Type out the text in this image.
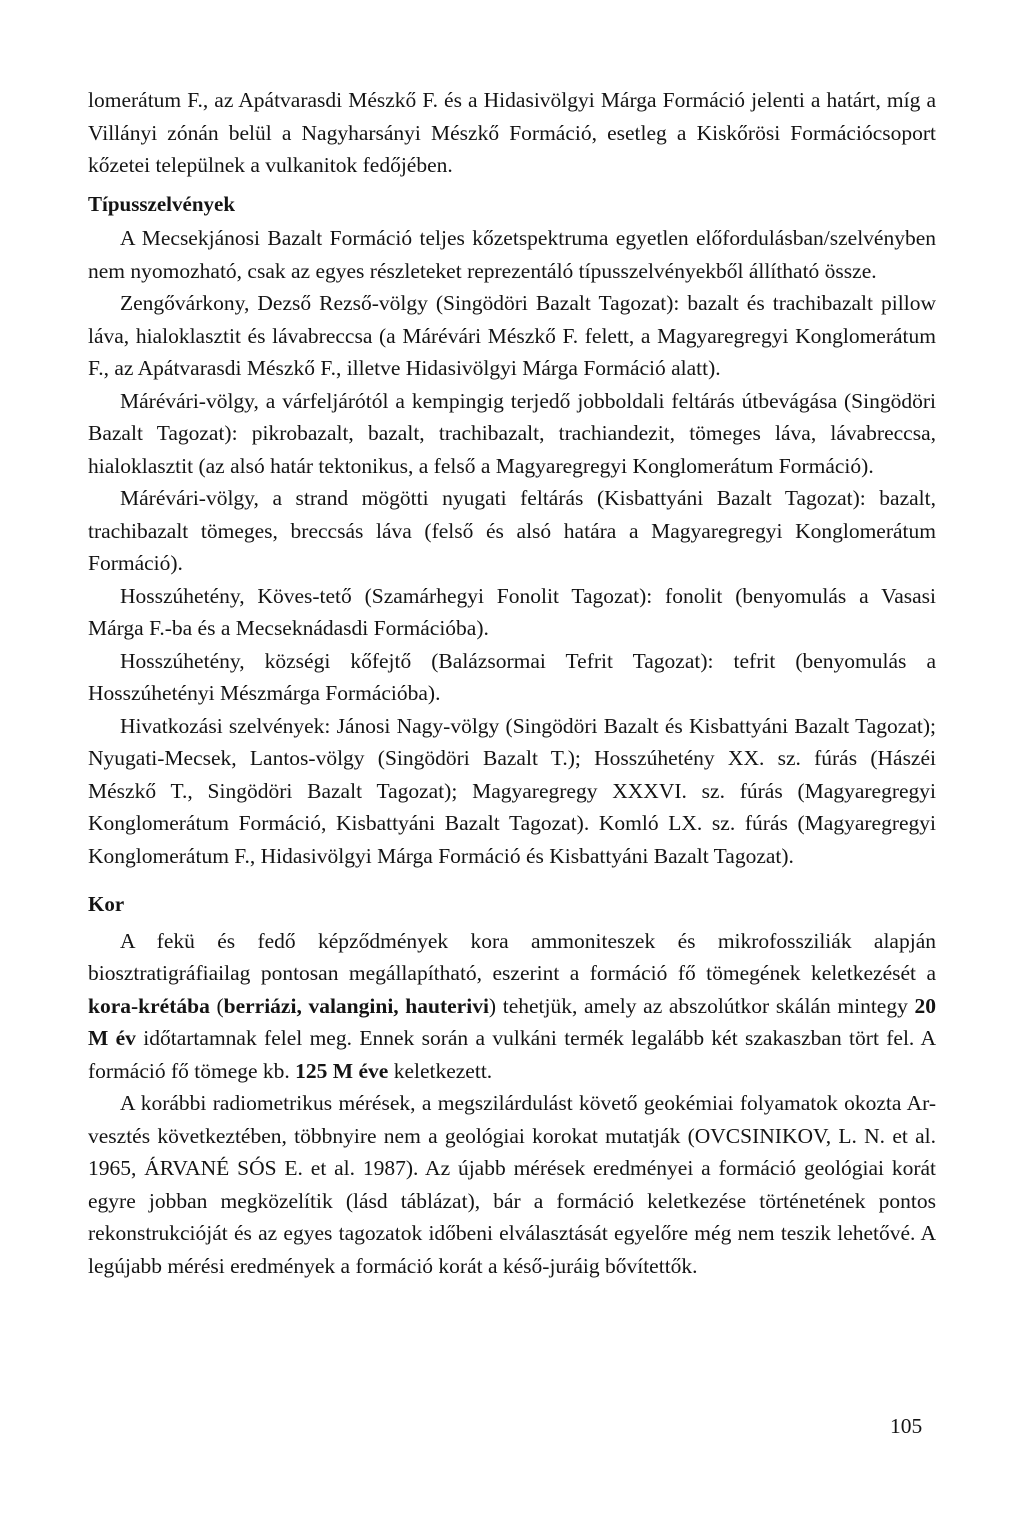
lomerátum F., az Apátvarasdi Mészkő F. és a Hidasivölgyi Márga Formáció jelenti a határt, míg a Villányi zónán belül a Nagyharsányi Mészkő Formáció, esetleg a Kiskőrösi Formációcsoport kőzetei települnek a vulkanitok fedőjében.

Típusszelvények

A Mecsekjánosi Bazalt Formáció teljes kőzetspektruma egyetlen előfordulásban/szelvényben nem nyomozható, csak az egyes részleteket reprezentáló típusszelvényekből állítható össze.

Zengővárkony, Dezső Rezső-völgy (Singödöri Bazalt Tagozat): bazalt és trachibazalt pillow láva, hialoklasztit és lávabreccsa (a Márévári Mészkő F. felett, a Magyaregregyi Konglomerátum F., az Apátvarasdi Mészkő F., illetve Hidasivölgyi Márga Formáció alatt).

Márévári-völgy, a várfeljárótól a kempingig terjedő jobboldali feltárás útbevágása (Singödöri Bazalt Tagozat): pikrobazalt, bazalt, trachibazalt, trachiandezit, tömeges láva, lávabreccsa, hialoklasztit (az alsó határ tektonikus, a felső a Magyaregregyi Konglomerátum Formáció).

Márévári-völgy, a strand mögötti nyugati feltárás (Kisbattyáni Bazalt Tagozat): bazalt, trachibazalt tömeges, breccsás láva (felső és alsó határa a Magyaregregyi Konglomerátum Formáció).

Hosszúhetény, Köves-tető (Szamárhegyi Fonolit Tagozat): fonolit (benyomulás a Vasasi Márga F.-ba és a Mecseknádasdi Formációba).

Hosszúhetény, községi kőfejtő (Balázsormai Tefrit Tagozat): tefrit (benyomulás a Hosszúhetényi Mészmárga Formációba).

Hivatkozási szelvények: Jánosi Nagy-völgy (Singödöri Bazalt és Kisbattyáni Bazalt Tagozat); Nyugati-Mecsek, Lantos-völgy (Singödöri Bazalt T.); Hosszúhetény XX. sz. fúrás (Hászéi Mészkő T., Singödöri Bazalt Tagozat); Magyaregregy XXXVI. sz. fúrás (Magyaregregyi Konglomerátum Formáció, Kisbattyáni Bazalt Tagozat). Komló LX. sz. fúrás (Magyaregregyi Konglomerátum F., Hidasivölgyi Márga Formáció és Kisbattyáni Bazalt Tagozat).

Kor

A fekü és fedő képződmények kora ammoniteszek és mikrofossziliák alapján biosztratigráfiailag pontosan megállapítható, eszerint a formáció fő tömegének keletkezését a kora-krétába (berriázi, valangini, hauterivi) tehetjük, amely az abszolútkor skálán mintegy 20 M év időtartamnak felel meg. Ennek során a vulkáni termék legalább két szakaszban tört fel. A formáció fő tömege kb. 125 M éve keletkezett.

A korábbi radiometrikus mérések, a megszilárdulást követő geokémiai folyamatok okozta Ar-vesztés következtében, többnyire nem a geológiai korokat mutatják (OVCSINIKOV, L. N. et al. 1965, ÁRVANÉ SÓS E. et al. 1987). Az újabb mérések eredményei a formáció geológiai korát egyre jobban megközelítik (lásd táblázat), bár a formáció keletkezése történetének pontos rekonstrukcióját és az egyes tagozatok időbeni elválasztását egyelőre még nem teszik lehetővé. A legújabb mérési eredmények a formáció korát a késő-juráig bővítettők.

105
